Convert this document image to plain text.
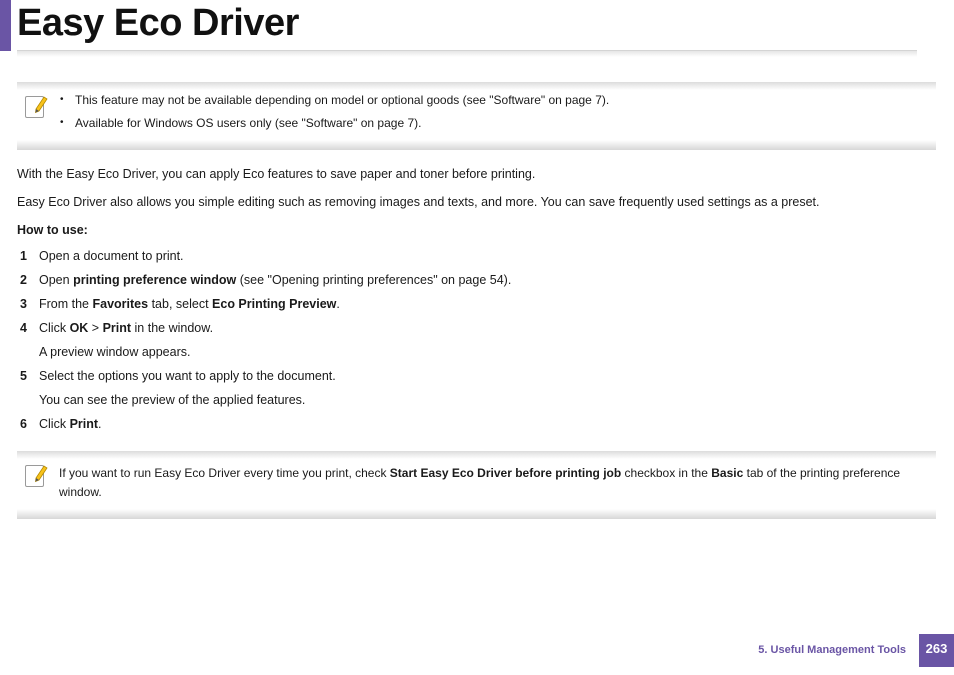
Easy Eco Driver
• This feature may not be available depending on model or optional goods (see "Software" on page 7).
• Available for Windows OS users only (see "Software" on page 7).

With the Easy Eco Driver, you can apply Eco features to save paper and toner before printing.

Easy Eco Driver also allows you simple editing such as removing images and texts, and more. You can save frequently used settings as a preset.

How to use:

1 Open a document to print.
2 Open printing preference window (see "Opening printing preferences" on page 54).
3 From the Favorites tab, select Eco Printing Preview.
4 Click OK > Print in the window.
A preview window appears.
5 Select the options you want to apply to the document.
You can see the preview of the applied features.
6 Click Print.
If you want to run Easy Eco Driver every time you print, check Start Easy Eco Driver before printing job checkbox in the Basic tab of the printing preference window.
5. Useful Management Tools	263
